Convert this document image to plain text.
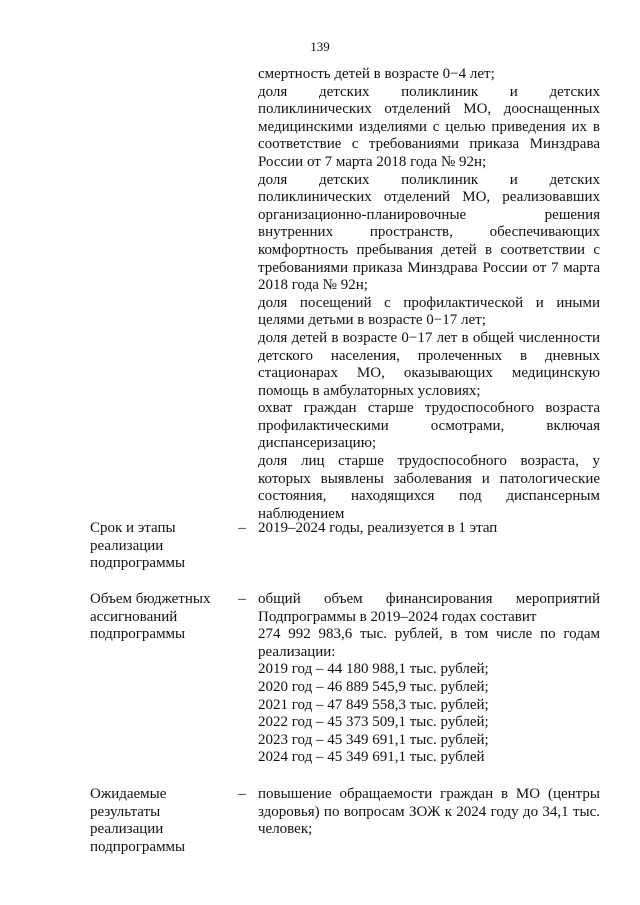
139
смертность детей в возрасте 0−4 лет;
доля детских поликлиник и детских поликлинических отделений МО, дооснащенных медицинскими изделиями с целью приведения их в соответствие с требованиями приказа Минздрава России от 7 марта 2018 года № 92н;
доля детских поликлиник и детских поликлинических отделений МО, реализовавших организационно-планировочные решения внутренних пространств, обеспечивающих комфортность пребывания детей в соответствии с требованиями приказа Минздрава России от 7 марта 2018 года № 92н;
доля посещений с профилактической и иными целями детьми в возрасте 0−17 лет;
доля детей в возрасте 0−17 лет в общей численности детского населения, пролеченных в дневных стационарах МО, оказывающих медицинскую помощь в амбулаторных условиях;
охват граждан старше трудоспособного возраста профилактическими осмотрами, включая диспансеризацию;
доля лиц старше трудоспособного возраста, у которых выявлены заболевания и патологические состояния, находящихся под диспансерным наблюдением
Срок и этапы реализации подпрограммы
– 2019–2024 годы, реализуется в 1 этап
Объем бюджетных ассигнований подпрограммы
– общий объем финансирования мероприятий Подпрограммы в 2019–2024 годах составит
274 992 983,6 тыс. рублей, в том числе по годам реализации:
2019 год – 44 180 988,1 тыс. рублей;
2020 год – 46 889 545,9 тыс. рублей;
2021 год – 47 849 558,3 тыс. рублей;
2022 год – 45 373 509,1 тыс. рублей;
2023 год – 45 349 691,1 тыс. рублей;
2024 год – 45 349 691,1 тыс. рублей
Ожидаемые результаты реализации подпрограммы
– повышение обращаемости граждан в МО (центры здоровья) по вопросам ЗОЖ к 2024 году до 34,1 тыс. человек;
